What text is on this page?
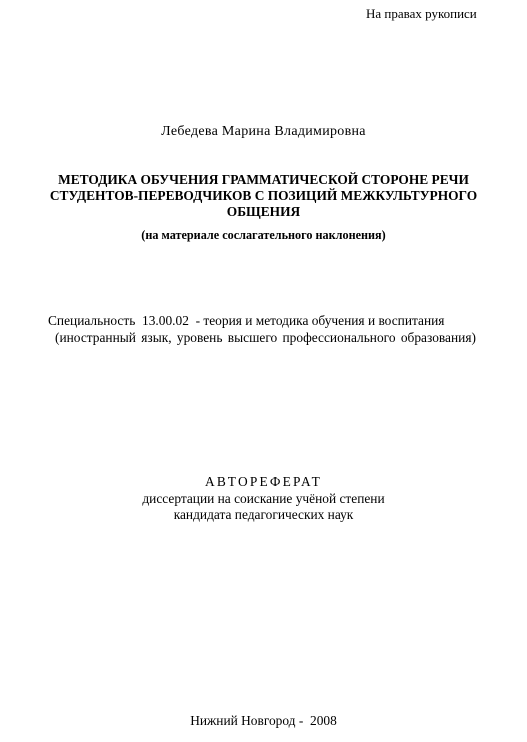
На правах рукописи
Лебедева Марина Владимировна
МЕТОДИКА ОБУЧЕНИЯ ГРАММАТИЧЕСКОЙ СТОРОНЕ РЕЧИ
СТУДЕНТОВ-ПЕРЕВОДЧИКОВ С ПОЗИЦИЙ МЕЖКУЛЬТУРНОГО
ОБЩЕНИЯ
(на материале сослагательного наклонения)
Специальность  13.00.02  - теория и методика обучения и воспитания
(иностранный язык, уровень высшего профессионального образования)
АВТОРЕФЕРАТ
диссертации на соискание учёной степени
кандидата педагогических наук
Нижний Новгород -  2008
